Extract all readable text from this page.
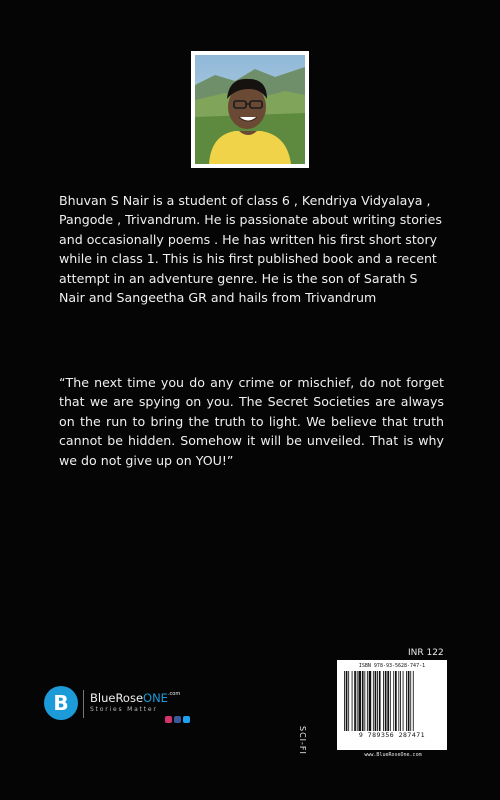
Bhuvan S Nair is a student of class 6 , Kendriya Vidyalaya , Pangode , Trivandrum. He is passionate about writing stories and occasionally poems . He has written his first short story while in class 1. This is his first published book and a recent attempt in an adventure genre. He is the son of Sarath S Nair and Sangeetha GR and hails from Trivandrum

“The next time you do any crime or mischief, do not forget that we are spying on you. The Secret Societies are always on the run to bring the truth to light. We believe that truth cannot be hidden. Somehow it will be unveiled. That is why we do not give up on YOU!”

INR 122
SCI-FI
ISBN 978-93-5628-747-1
9 789356 287471
www.BlueRoseOne.com
B BlueRoseONE$^{.com}$
Stories Matter
